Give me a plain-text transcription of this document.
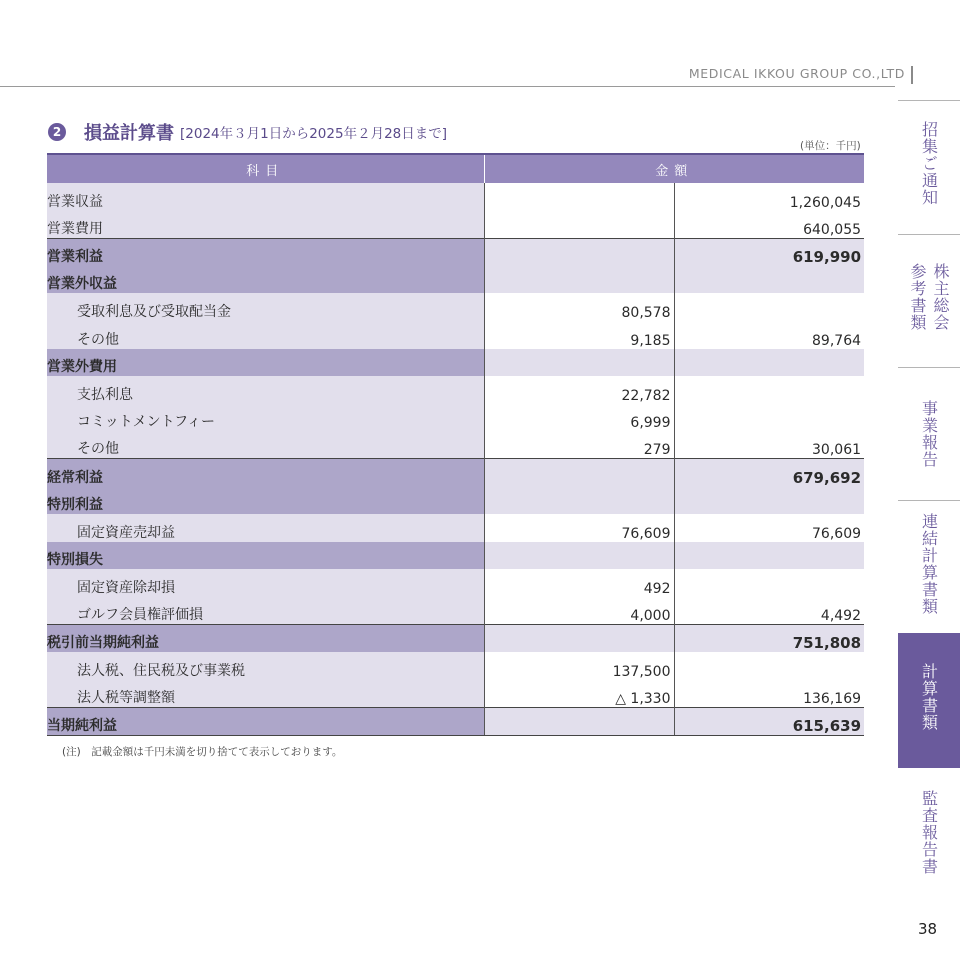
MEDICAL IKKOU GROUP CO.,LTD
2 損益計算書 [2024年３月1日から2025年２月28日まで]
(単位：千円)
科目	金額	
営業収益		1,260,045
営業費用		640,055
営業利益		619,990
営業外収益		
受取利息及び受取配当金	80,578	
その他	9,185	89,764
営業外費用		
支払利息	22,782	
コミットメントフィー	6,999	
その他	279	30,061
経常利益		679,692
特別利益		
固定資産売却益	76,609	76,609
特別損失		
固定資産除却損	492	
ゴルフ会員権評価損	4,000	4,492
税引前当期純利益		751,808
法人税、住民税及び事業税	137,500	
法人税等調整額	△ 1,330	136,169
当期純利益		615,639
(注)　記載金額は千円未満を切り捨てて表示しております。
招集ご通知
参考書類 株主総会
事業報告
連結計算書類
計算書類
監査報告書
38
